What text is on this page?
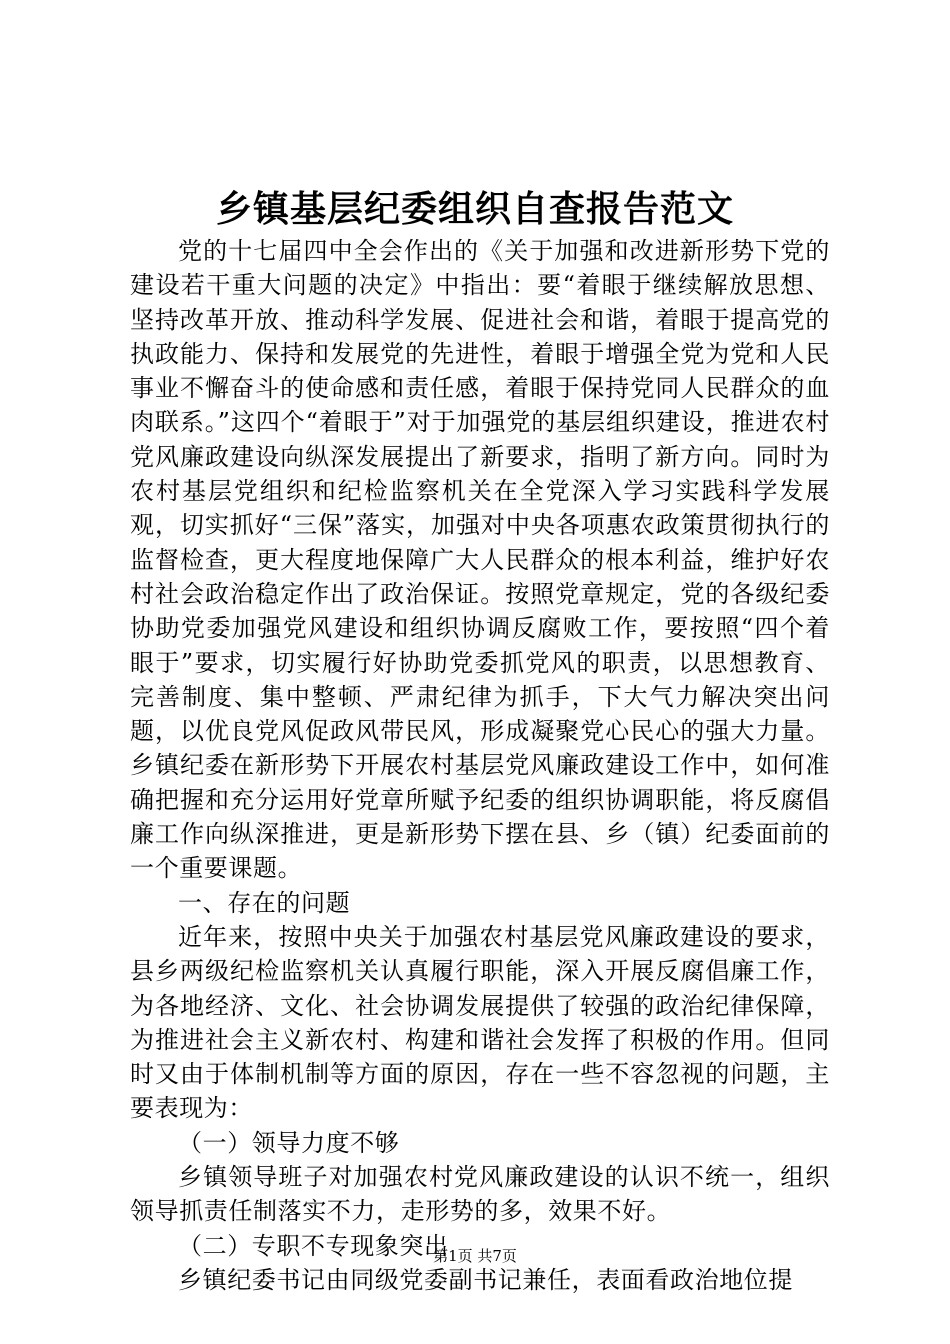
乡镇基层纪委组织自查报告范文

党的十七届四中全会作出的《关于加强和改进新形势下党的建设若干重大问题的决定》中指出：要“着眼于继续解放思想、坚持改革开放、推动科学发展、促进社会和谐，着眼于提高党的执政能力、保持和发展党的先进性，着眼于增强全党为党和人民事业不懈奋斗的使命感和责任感，着眼于保持党同人民群众的血肉联系。”这四个“着眼于”对于加强党的基层组织建设，推进农村党风廉政建设向纵深发展提出了新要求，指明了新方向。同时为农村基层党组织和纪检监察机关在全党深入学习实践科学发展观，切实抓好“三保”落实，加强对中央各项惠农政策贯彻执行的监督检查，更大程度地保障广大人民群众的根本利益，维护好农村社会政治稳定作出了政治保证。按照党章规定，党的各级纪委协助党委加强党风建设和组织协调反腐败工作，要按照“四个着眼于”要求，切实履行好协助党委抓党风的职责，以思想教育、完善制度、集中整顿、严肃纪律为抓手，下大气力解决突出问题，以优良党风促政风带民风，形成凝聚党心民心的强大力量。乡镇纪委在新形势下开展农村基层党风廉政建设工作中，如何准确把握和充分运用好党章所赋予纪委的组织协调职能，将反腐倡廉工作向纵深推进，更是新形势下摆在县、乡（镇）纪委面前的一个重要课题。

一、存在的问题

近年来，按照中央关于加强农村基层党风廉政建设的要求，县乡两级纪检监察机关认真履行职能，深入开展反腐倡廉工作，为各地经济、文化、社会协调发展提供了较强的政治纪律保障，为推进社会主义新农村、构建和谐社会发挥了积极的作用。但同时又由于体制机制等方面的原因，存在一些不容忽视的问题，主要表现为：

（一）领导力度不够

乡镇领导班子对加强农村党风廉政建设的认识不统一，组织领导抓责任制落实不力，走形势的多，效果不好。

（二）专职不专现象突出

乡镇纪委书记由同级党委副书记兼任，表面看政治地位提

第1页 共7页
